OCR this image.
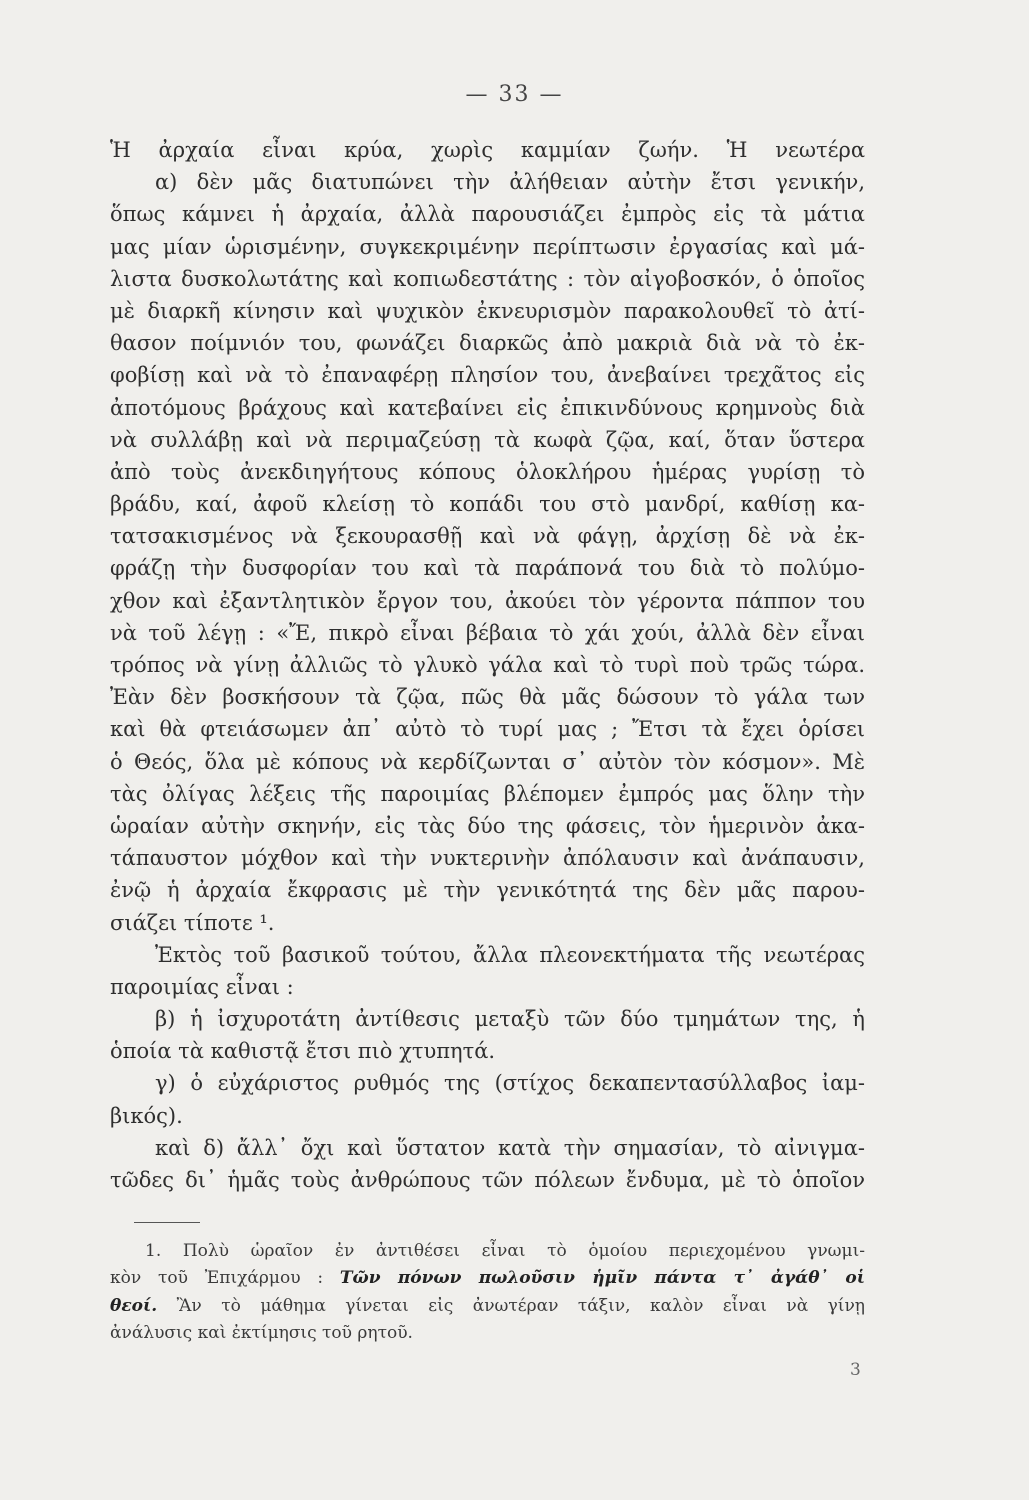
— 33 —
Ἡ ἀρχαία εἶναι κρύα, χωρὶς καμμίαν ζωήν. Ἡ νεωτέρα
α) δὲν μᾶς διατυπώνει τὴν ἀλήθειαν αὐτὴν ἔτσι γενικήν,
ὅπως κάμνει ἡ ἀρχαία, ἀλλὰ παρουσιάζει ἐμπρὸς εἰς τὰ μάτια
μας μίαν ὡρισμένην, συγκεκριμένην περίπτωσιν ἐργασίας καὶ μά-
λιστα δυσκολωτάτης καὶ κοπιωδεστάτης : τὸν αἰγοβοσκόν, ὁ ὁποῖος
μὲ διαρκῆ κίνησιν καὶ ψυχικὸν ἐκνευρισμὸν παρακολουθεῖ τὸ ἀτί-
θασον ποίμνιόν του, φωνάζει διαρκῶς ἀπὸ μακριὰ διὰ νὰ τὸ ἐκ-
φοβίσῃ καὶ νὰ τὸ ἐπαναφέρῃ πλησίον του, ἀνεβαίνει τρεχᾶτος εἰς
ἀποτόμους βράχους καὶ κατεβαίνει εἰς ἐπικινδύνους κρημνοὺς διὰ
νὰ συλλάβῃ καὶ νὰ περιμαζεύσῃ τὰ κωφὰ ζῷα, καί, ὅταν ὕστερα
ἀπὸ τοὺς ἀνεκδιηγήτους κόπους ὁλοκλήρου ἡμέρας γυρίσῃ τὸ
βράδυ, καί, ἀφοῦ κλείσῃ τὸ κοπάδι του στὸ μανδρί, καθίσῃ κα-
τατσακισμένος νὰ ξεκουρασθῇ καὶ νὰ φάγῃ, ἀρχίσῃ δὲ νὰ ἐκ-
φράζῃ τὴν δυσφορίαν του καὶ τὰ παράπονά του διὰ τὸ πολύμο-
χθον καὶ ἐξαντλητικὸν ἔργον του, ἀκούει τὸν γέροντα πάππον του
νὰ τοῦ λέγῃ : «Ἔ, πικρὸ εἶναι βέβαια τὸ χάι χούι, ἀλλὰ δὲν εἶναι
τρόπος νὰ γίνῃ ἀλλιῶς τὸ γλυκὸ γάλα καὶ τὸ τυρὶ ποὺ τρῶς τώρα.
Ἐὰν δὲν βοσκήσουν τὰ ζῷα, πῶς θὰ μᾶς δώσουν τὸ γάλα των
καὶ θὰ φτειάσωμεν ἀπ᾽ αὐτὸ τὸ τυρί μας ; Ἔτσι τὰ ἔχει ὁρίσει
ὁ Θεός, ὅλα μὲ κόπους νὰ κερδίζωνται σ᾽ αὐτὸν τὸν κόσμον». Μὲ
τὰς ὀλίγας λέξεις τῆς παροιμίας βλέπομεν ἐμπρός μας ὅλην τὴν
ὡραίαν αὐτὴν σκηνήν, εἰς τὰς δύο της φάσεις, τὸν ἡμερινὸν ἀκα-
τάπαυστον μόχθον καὶ τὴν νυκτερινὴν ἀπόλαυσιν καὶ ἀνάπαυσιν,
ἐνῷ ἡ ἀρχαία ἔκφρασις μὲ τὴν γενικότητά της δὲν μᾶς παρου-
σιάζει τίποτε ¹.
Ἐκτὸς τοῦ βασικοῦ τούτου, ἄλλα πλεονεκτήματα τῆς νεωτέρας
παροιμίας εἶναι :
β) ἡ ἰσχυροτάτη ἀντίθεσις μεταξὺ τῶν δύο τμημάτων της, ἡ
ὁποία τὰ καθιστᾷ ἔτσι πιὸ χτυπητά.
γ) ὁ εὐχάριστος ρυθμός της (στίχος δεκαπεντασύλλαβος ἰαμ-
βικός).
καὶ δ) ἄλλ᾽ ὄχι καὶ ὕστατον κατὰ τὴν σημασίαν, τὸ αἰνιγμα-
τῶδες δι᾽ ἡμᾶς τοὺς ἀνθρώπους τῶν πόλεων ἔνδυμα, μὲ τὸ ὁποῖον
1. Πολὺ ὡραῖον ἐν ἀντιθέσει εἶναι τὸ ὁμοίου περιεχομένου γνωμι-
κὸν τοῦ Ἐπιχάρμου : Τῶν πόνων πωλοῦσιν ἡμῖν πάντα τ᾽ ἀγάθ᾽ οἱ
θεοί. Ἂν τὸ μάθημα γίνεται εἰς ἀνωτέραν τάξιν, καλὸν εἶναι νὰ γίνῃ
ἀνάλυσις καὶ ἐκτίμησις τοῦ ρητοῦ.
3
